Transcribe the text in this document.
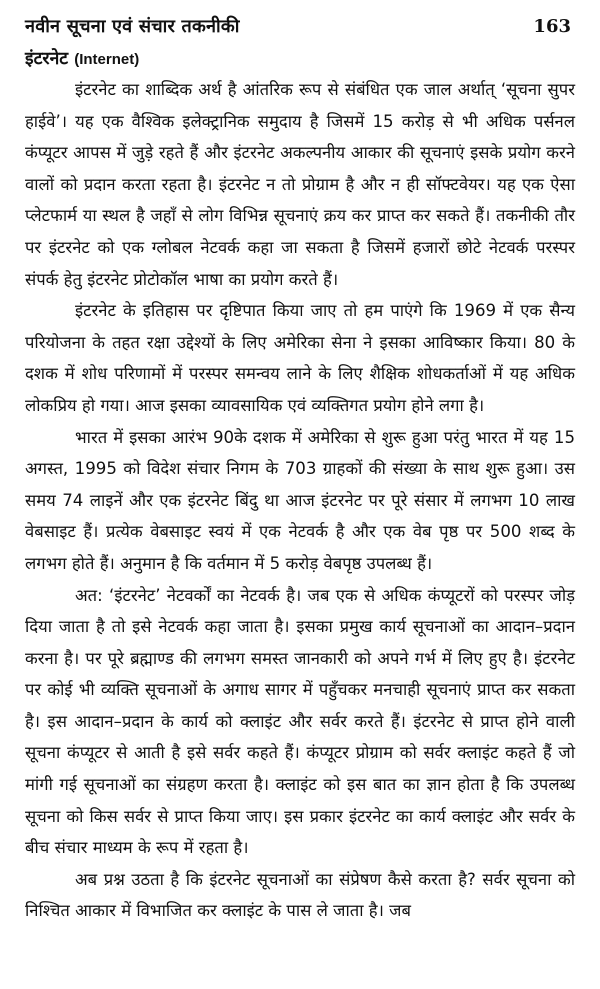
नवीन सूचना एवं संचार तकनीकी	163
इंटरनेट (Internet)

इंटरनेट का शाब्दिक अर्थ है आंतरिक रूप से संबंधित एक जाल अर्थात् ‘सूचना सुपर हाईवे’। यह एक वैश्विक इलेक्ट्रानिक समुदाय है जिसमें 15 करोड़ से भी अधिक पर्सनल कंप्यूटर आपस में जुड़े रहते हैं और इंटरनेट अकल्पनीय आकार की सूचनाएं इसके प्रयोग करने वालों को प्रदान करता रहता है। इंटरनेट न तो प्रोग्राम है और न ही सॉफ्टवेयर। यह एक ऐसा प्लेटफार्म या स्थल है जहाँ से लोग विभिन्न सूचनाएं क्रय कर प्राप्त कर सकते हैं। तकनीकी तौर पर इंटरनेट को एक ग्लोबल नेटवर्क कहा जा सकता है जिसमें हजारों छोटे नेटवर्क परस्पर संपर्क हेतु इंटरनेट प्रोटोकॉल भाषा का प्रयोग करते हैं।

इंटरनेट के इतिहास पर दृष्टिपात किया जाए तो हम पाएंगे कि 1969 में एक सैन्य परियोजना के तहत रक्षा उद्देश्यों के लिए अमेरिका सेना ने इसका आविष्कार किया। 80 के दशक में शोध परिणामों में परस्पर समन्वय लाने के लिए शैक्षिक शोधकर्ताओं में यह अधिक लोकप्रिय हो गया। आज इसका व्यावसायिक एवं व्यक्तिगत प्रयोग होने लगा है।

भारत में इसका आरंभ 90के दशक में अमेरिका से शुरू हुआ परंतु भारत में यह 15 अगस्त, 1995 को विदेश संचार निगम के 703 ग्राहकों की संख्या के साथ शुरू हुआ। उस समय 74 लाइनें और एक इंटरनेट बिंदु था आज इंटरनेट पर पूरे संसार में लगभग 10 लाख वेबसाइट हैं। प्रत्येक वेबसाइट स्वयं में एक नेटवर्क है और एक वेब पृष्ठ पर 500 शब्द के लगभग होते हैं। अनुमान है कि वर्तमान में 5 करोड़ वेबपृष्ठ उपलब्ध हैं।

अत: ‘इंटरनेट’ नेटवर्कों का नेटवर्क है। जब एक से अधिक कंप्यूटरों को परस्पर जोड़ दिया जाता है तो इसे नेटवर्क कहा जाता है। इसका प्रमुख कार्य सूचनाओं का आदान–प्रदान करना है। पर पूरे ब्रह्माण्ड की लगभग समस्त जानकारी को अपने गर्भ में लिए हुए है। इंटरनेट पर कोई भी व्यक्ति सूचनाओं के अगाध सागर में पहुँचकर मनचाही सूचनाएं प्राप्त कर सकता है। इस आदान–प्रदान के कार्य को क्लाइंट और सर्वर करते हैं। इंटरनेट से प्राप्त होने वाली सूचना कंप्यूटर से आती है इसे सर्वर कहते हैं। कंप्यूटर प्रोग्राम को सर्वर क्लाइंट कहते हैं जो मांगी गई सूचनाओं का संग्रहण करता है। क्लाइंट को इस बात का ज्ञान होता है कि उपलब्ध सूचना को किस सर्वर से प्राप्त किया जाए। इस प्रकार इंटरनेट का कार्य क्लाइंट और सर्वर के बीच संचार माध्यम के रूप में रहता है।

अब प्रश्न उठता है कि इंटरनेट सूचनाओं का संप्रेषण कैसे करता है? सर्वर सूचना को निश्चित आकार में विभाजित कर क्लाइंट के पास ले जाता है। जब
